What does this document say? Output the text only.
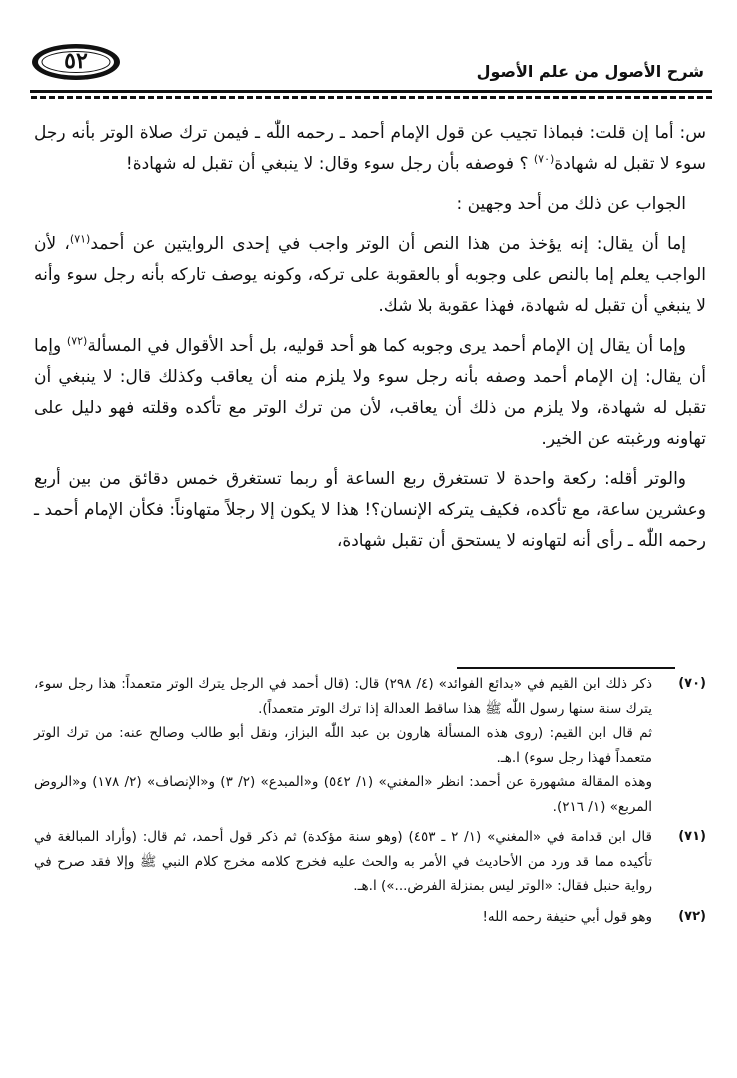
٥٢	شرح الأصول من علم الأصول

س: أما إن قلت: فبماذا تجيب عن قول الإمام أحمد ـ رحمه اللّٰه ـ فيمن ترك صلاة الوتر بأنه رجل سوء لا تقبل له شهادة$^{(٧٠)}$ ؟ فوصفه بأن رجل سوء وقال: لا ينبغي أن تقبل له شهادة!

الجواب عن ذلك من أحد وجهين :

إما أن يقال: إنه يؤخذ من هذا النص أن الوتر واجب في إحدى الروايتين عن أحمد$^{(٧١)}$، لأن الواجب يعلم إما بالنص على وجوبه أو بالعقوبة على تركه، وكونه يوصف تاركه بأنه رجل سوء وأنه لا ينبغي أن تقبل له شهادة، فهذا عقوبة بلا شك.

وإما أن يقال إن الإمام أحمد يرى وجوبه كما هو أحد قوليه، بل أحد الأقوال في المسألة$^{(٧٢)}$ وإما أن يقال: إن الإمام أحمد وصفه بأنه رجل سوء ولا يلزم منه أن يعاقب وكذلك قال: لا ينبغي أن تقبل له شهادة، ولا يلزم من ذلك أن يعاقب، لأن من ترك الوتر مع تأكده وقلته فهو دليل على تهاونه ورغبته عن الخير.

والوتر أقله: ركعة واحدة لا تستغرق ربع الساعة أو ربما تستغرق خمس دقائق من بين أربع وعشرين ساعة، مع تأكده، فكيف يتركه الإنسان؟! هذا لا يكون إلا رجلاً متهاوناً: فكأن الإمام أحمد ـ رحمه اللّٰه ـ رأى أنه لتهاونه لا يستحق أن تقبل شهادة،

(٧٠)
ذكر ذلك ابن القيم في «بدائع الفوائد» (٤/ ٢٩٨) قال: (قال أحمد في الرجل يترك الوتر متعمداً: هذا رجل سوء، يترك سنة سنها رسول اللّٰه ﷺ هذا ساقط العدالة إذا ترك الوتر متعمداً).
ثم قال ابن القيم: (روى هذه المسألة هارون بن عبد اللّٰه البزاز، ونقل أبو طالب وصالح عنه: من ترك الوتر متعمداً فهذا رجل سوء) ا.هـ.
وهذه المقالة مشهورة عن أحمد: انظر «المغني» (١/ ٥٤٢) و«المبدع» (٢/ ٣) و«الإنصاف» (٢/ ١٧٨) و«الروض المربع» (١/ ٢١٦).
(٧١)
قال ابن قدامة في «المغني» (١/ ٢ ـ ٤٥٣) (وهو سنة مؤكدة) ثم ذكر قول أحمد، ثم قال: (وأراد المبالغة في تأكيده مما قد ورد من الأحاديث في الأمر به والحث عليه فخرج كلامه مخرج كلام النبي ﷺ وإلا فقد صرح في رواية حنبل فقال: «الوتر ليس بمنزلة الفرض...») ا.هـ.
(٧٢)
وهو قول أبي حنيفة رحمه الله!
